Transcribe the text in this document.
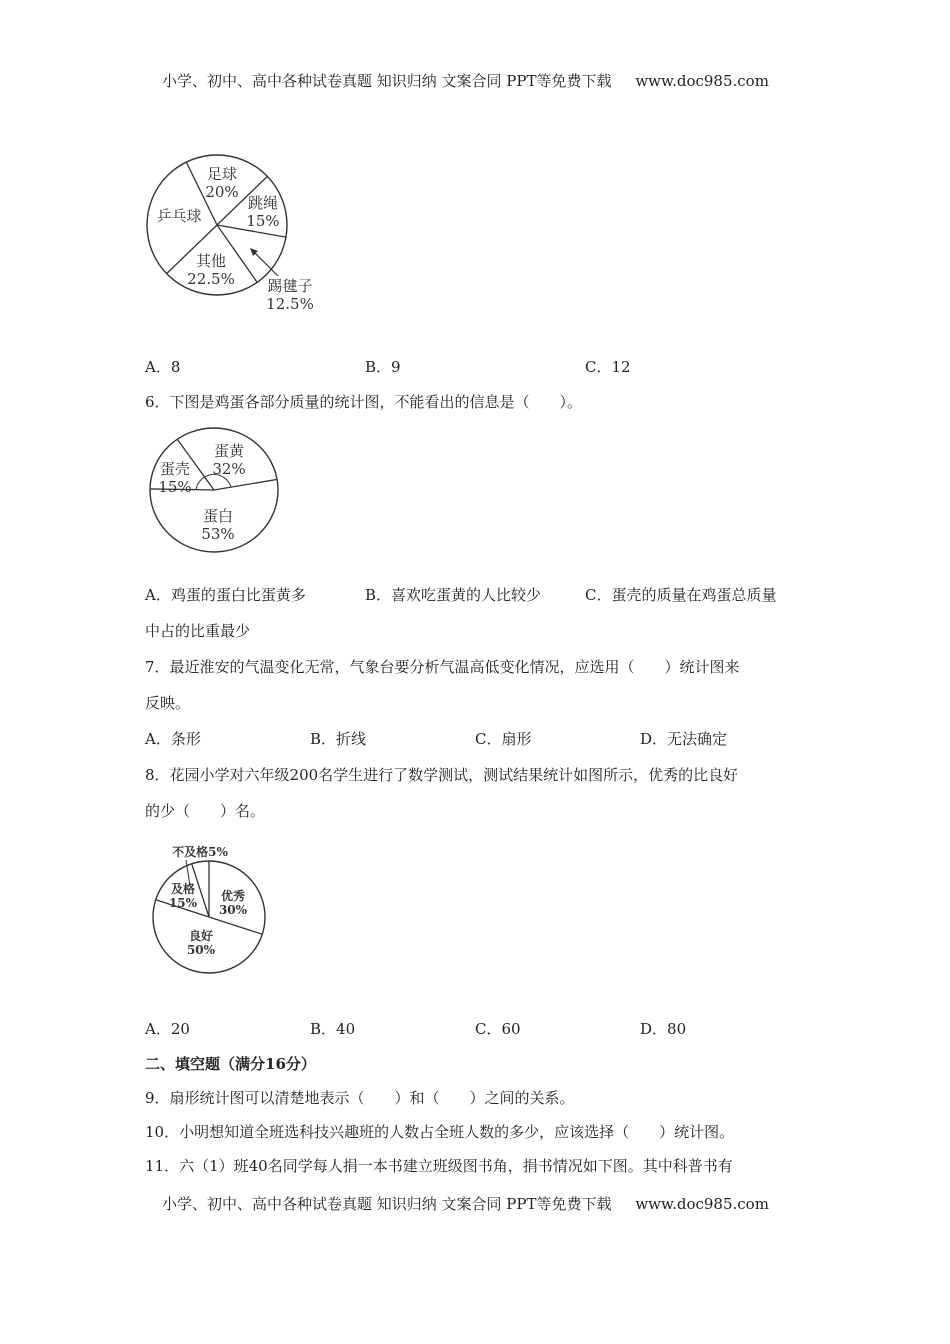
小学、初中、高中各种试卷真题 知识归纳 文案合同 PPT等免费下载 www.doc985.com
足球
20%
跳绳
15%
踢毽子
12.5%
其他
22.5%
乒乓球
A．8	B．9	C．12
6．下图是鸡蛋各部分质量的统计图，不能看出的信息是（　　）。
蛋黄
32%
蛋白
53%
蛋壳
15%
A．鸡蛋的蛋白比蛋黄多	B．喜欢吃蛋黄的人比较少	C．蛋壳的质量在鸡蛋总质量
中占的比重最少
7．最近淮安的气温变化无常，气象台要分析气温高低变化情况，应选用（　　）统计图来
反映。
A．条形	B．折线	C．扇形	D．无法确定
8．花园小学对六年级200名学生进行了数学测试，测试结果统计如图所示，优秀的比良好
的少（　　）名。
不及格5%
及格
15% 优秀
30%
良好
50%
A．20	B．40	C．60	D．80
二、填空题（满分16分）
9．扇形统计图可以清楚地表示（　　）和（　　）之间的关系。
10．小明想知道全班选科技兴趣班的人数占全班人数的多少，应该选择（　　）统计图。
11．六（1）班40名同学每人捐一本书建立班级图书角，捐书情况如下图。其中科普书有
小学、初中、高中各种试卷真题 知识归纳 文案合同 PPT等免费下载 www.doc985.com
